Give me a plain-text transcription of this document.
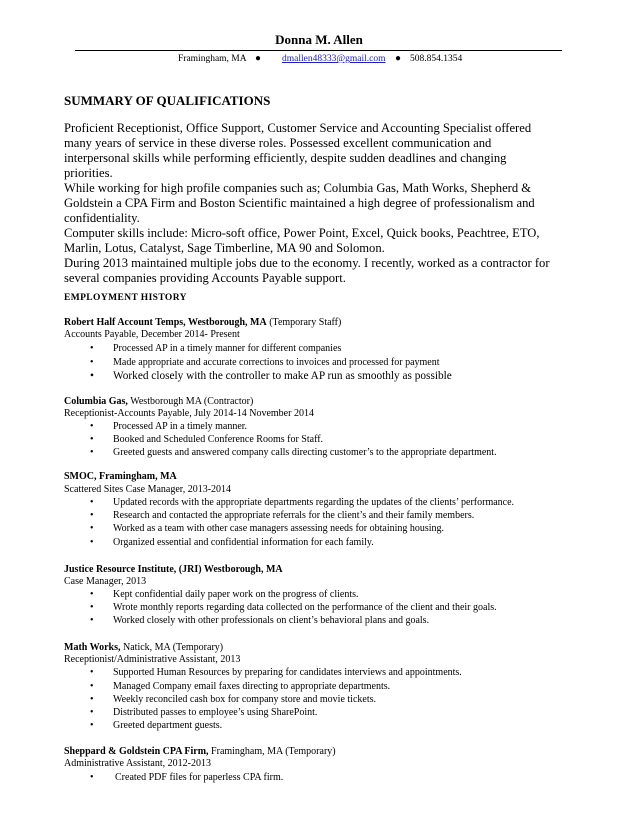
Donna M. Allen
Framingham, MA ● dmallen48333@gmail.com ● 508.854.1354
SUMMARY OF QUALIFICATIONS
Proficient Receptionist, Office Support, Customer Service and Accounting Specialist offered
many years of service in these diverse roles. Possessed excellent communication and
interpersonal skills while performing efficiently, despite sudden deadlines and changing
priorities.
While working for high profile companies such as; Columbia Gas, Math Works, Shepherd &
Goldstein a CPA Firm and Boston Scientific maintained a high degree of professionalism and
confidentiality.
Computer skills include: Micro-soft office, Power Point, Excel, Quick books, Peachtree, ETO,
Marlin, Lotus, Catalyst, Sage Timberline, MA 90 and Solomon.
During 2013 maintained multiple jobs due to the economy. I recently, worked as a contractor for
several companies providing Accounts Payable support.
EMPLOYMENT HISTORY
Robert Half Account Temps, Westborough, MA (Temporary Staff)
Accounts Payable, December 2014- Present
• Processed AP in a timely manner for different companies
• Made appropriate and accurate corrections to invoices and processed for payment
• Worked closely with the controller to make AP run as smoothly as possible
Columbia Gas, Westborough MA (Contractor)
Receptionist-Accounts Payable, July 2014-14 November 2014
• Processed AP in a timely manner.
• Booked and Scheduled Conference Rooms for Staff.
• Greeted guests and answered company calls directing customer’s to the appropriate department.
SMOC, Framingham, MA
Scattered Sites Case Manager, 2013-2014
• Updated records with the appropriate departments regarding the updates of the clients’ performance.
• Research and contacted the appropriate referrals for the client’s and their family members.
• Worked as a team with other case managers assessing needs for obtaining housing.
• Organized essential and confidential information for each family.
Justice Resource Institute, (JRI) Westborough, MA
Case Manager, 2013
• Kept confidential daily paper work on the progress of clients.
• Wrote monthly reports regarding data collected on the performance of the client and their goals.
• Worked closely with other professionals on client’s behavioral plans and goals.
Math Works, Natick, MA (Temporary)
Receptionist/Administrative Assistant, 2013
• Supported Human Resources by preparing for candidates interviews and appointments.
• Managed Company email faxes directing to appropriate departments.
• Weekly reconciled cash box for company store and movie tickets.
• Distributed passes to employee’s using SharePoint.
• Greeted department guests.
Sheppard & Goldstein CPA Firm, Framingham, MA (Temporary)
Administrative Assistant, 2012-2013
• Created PDF files for paperless CPA firm.
